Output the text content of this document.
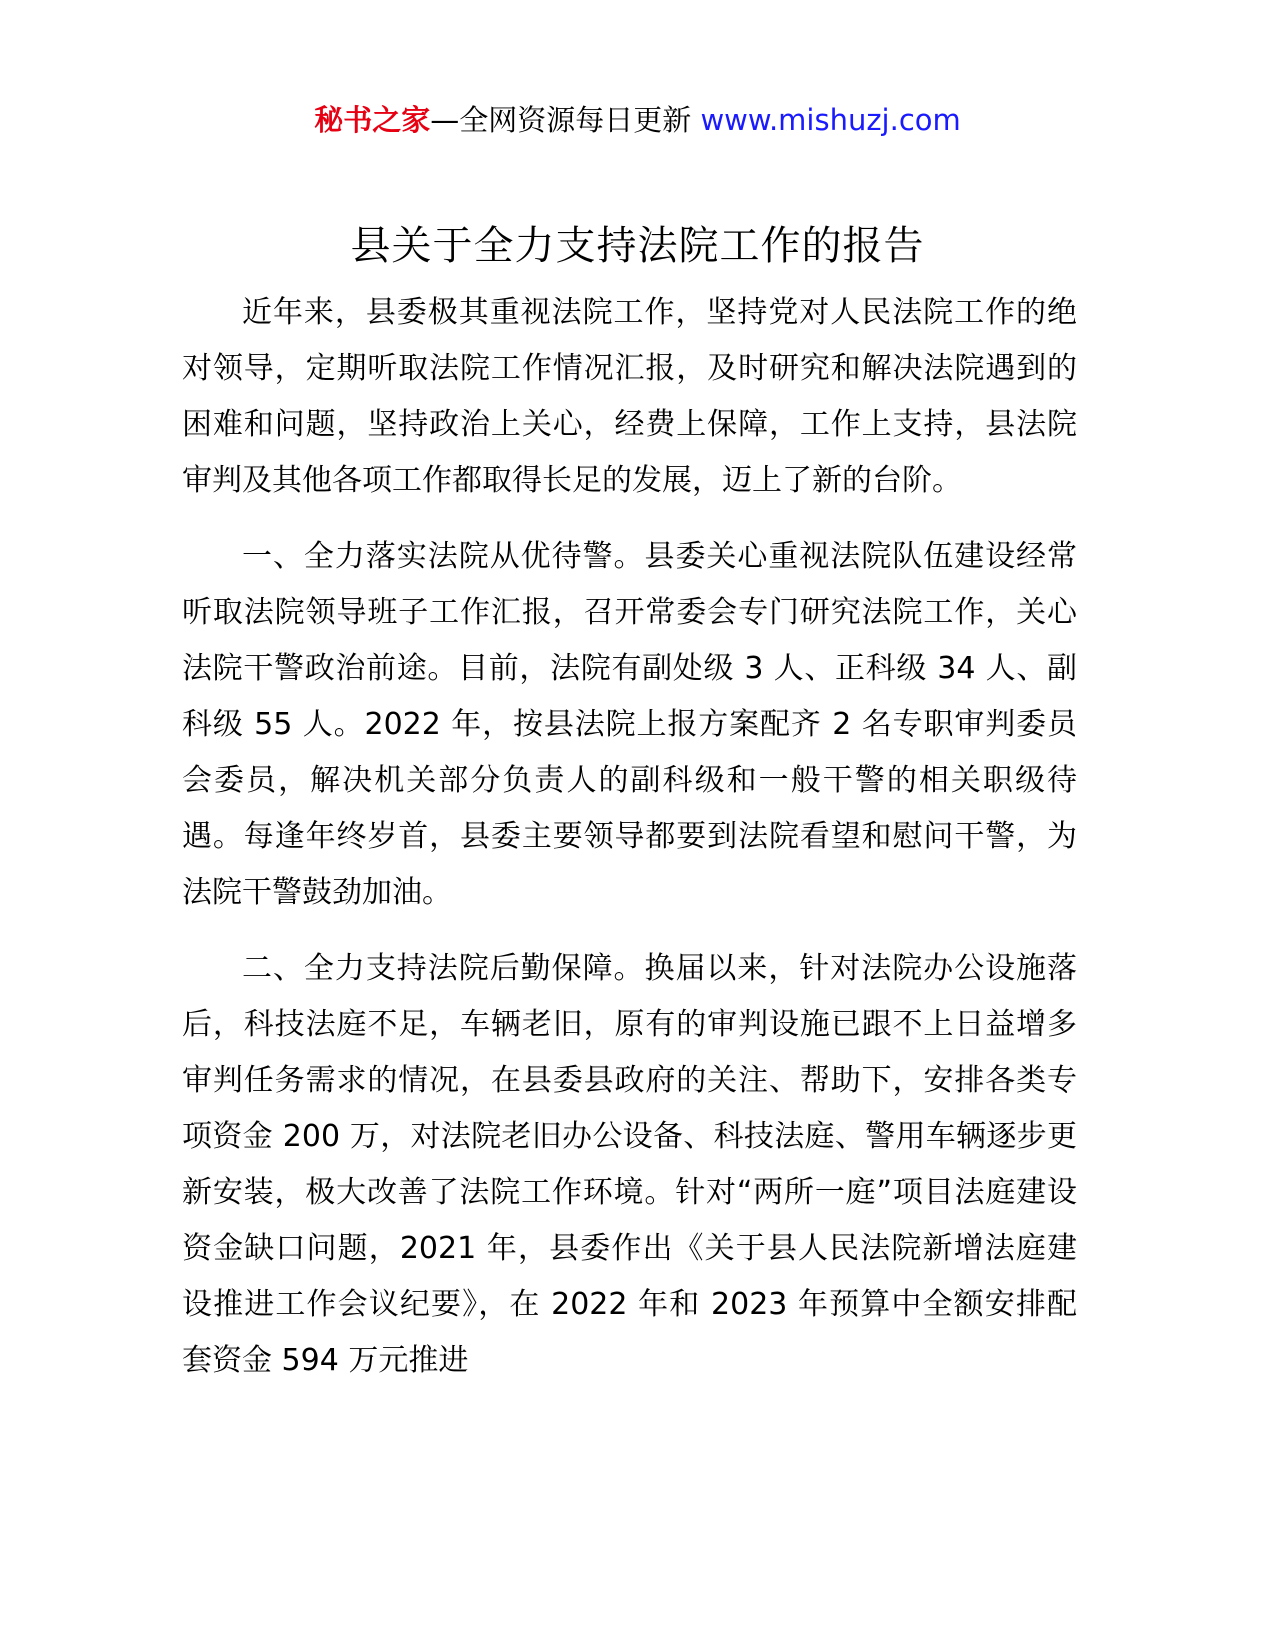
秘书之家—全网资源每日更新 www.mishuzj.com
县关于全力支持法院工作的报告

近年来，县委极其重视法院工作，坚持党对人民法院工作的绝对领导，定期听取法院工作情况汇报，及时研究和解决法院遇到的困难和问题，坚持政治上关心，经费上保障，工作上支持，县法院审判及其他各项工作都取得长足的发展，迈上了新的台阶。

一、全力落实法院从优待警。县委关心重视法院队伍建设经常听取法院领导班子工作汇报，召开常委会专门研究法院工作，关心法院干警政治前途。目前，法院有副处级 3 人、正科级 34 人、副科级 55 人。2022 年，按县法院上报方案配齐 2 名专职审判委员会委员，解决机关部分负责人的副科级和一般干警的相关职级待遇。每逢年终岁首，县委主要领导都要到法院看望和慰问干警，为法院干警鼓劲加油。

二、全力支持法院后勤保障。换届以来，针对法院办公设施落后，科技法庭不足，车辆老旧，原有的审判设施已跟不上日益增多审判任务需求的情况，在县委县政府的关注、帮助下，安排各类专项资金 200 万，对法院老旧办公设备、科技法庭、警用车辆逐步更新安装，极大改善了法院工作环境。针对“两所一庭”项目法庭建设资金缺口问题，2021 年，县委作出《关于县人民法院新增法庭建设推进工作会议纪要》，在 2022 年和 2023 年预算中全额安排配套资金 594 万元推进
